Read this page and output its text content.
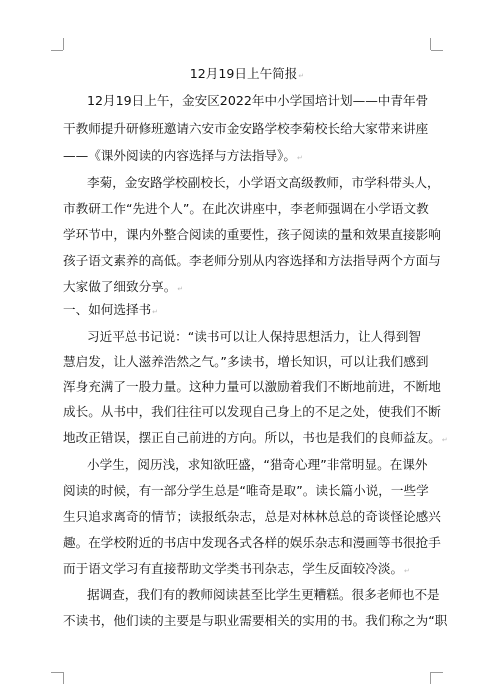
12月19日上午简报↵
12月19日上午，金安区2022年中小学国培计划——中青年骨
干教师提升研修班邀请六安市金安路学校李菊校长给大家带来讲座
——《课外阅读的内容选择与方法指导》。↵
李菊，金安路学校副校长，小学语文高级教师，市学科带头人，
市教研工作“先进个人”。在此次讲座中，李老师强调在小学语文教
学环节中，课内外整合阅读的重要性，孩子阅读的量和效果直接影响
孩子语文素养的高低。李老师分别从内容选择和方法指导两个方面与
大家做了细致分享。↵
一、如何选择书↵
习近平总书记说：“读书可以让人保持思想活力，让人得到智
慧启发，让人滋养浩然之气。”多读书，增长知识，可以让我们感到
浑身充满了一股力量。这种力量可以激励着我们不断地前进，不断地
成长。从书中，我们往往可以发现自己身上的不足之处，使我们不断
地改正错误，摆正自己前进的方向。所以，书也是我们的良师益友。↵
小学生，阅历浅，求知欲旺盛，“猎奇心理”非常明显。在课外
阅读的时候，有一部分学生总是“唯奇是取”。读长篇小说，一些学
生只追求离奇的情节；读报纸杂志，总是对林林总总的奇谈怪论感兴
趣。在学校附近的书店中发现各式各样的娱乐杂志和漫画等书很抢手
而于语文学习有直接帮助文学类书刊杂志，学生反面较冷淡。↵
据调查，我们有的教师阅读甚至比学生更糟糕。很多老师也不是
不读书，他们读的主要是与职业需要相关的实用的书。我们称之为“职
